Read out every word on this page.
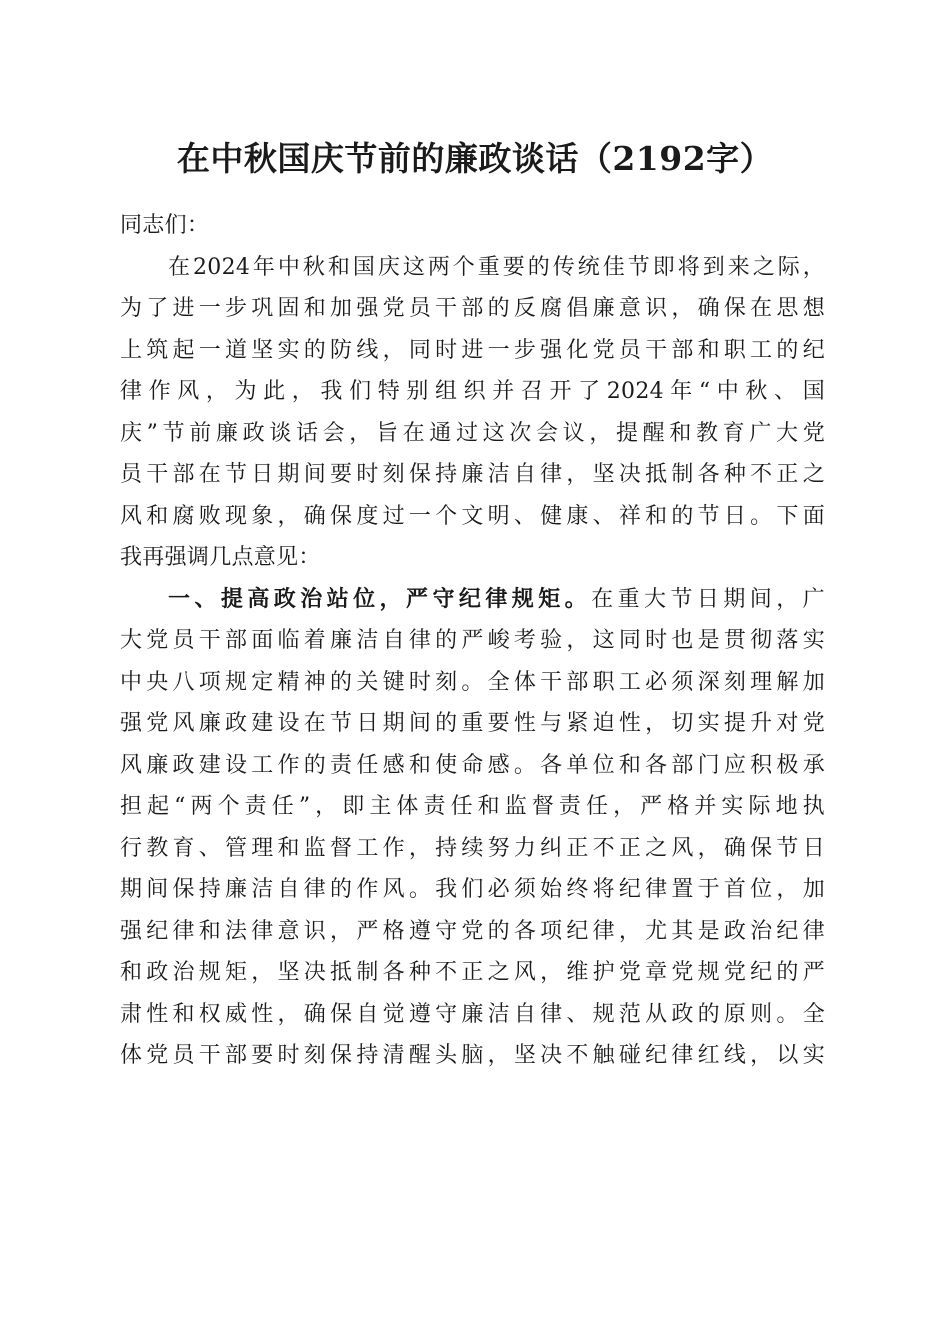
在中秋国庆节前的廉政谈话（2192字）
同志们：
在2024年中秋和国庆这两个重要的传统佳节即将到来之际，
为了进一步巩固和加强党员干部的反腐倡廉意识，确保在思想
上筑起一道坚实的防线，同时进一步强化党员干部和职工的纪
律作风，为此，我们特别组织并召开了2024年“中秋、国
庆”节前廉政谈话会，旨在通过这次会议，提醒和教育广大党
员干部在节日期间要时刻保持廉洁自律，坚决抵制各种不正之
风和腐败现象，确保度过一个文明、健康、祥和的节日。下面
我再强调几点意见：
一、提高政治站位，严守纪律规矩。在重大节日期间，广
大党员干部面临着廉洁自律的严峻考验，这同时也是贯彻落实
中央八项规定精神的关键时刻。全体干部职工必须深刻理解加
强党风廉政建设在节日期间的重要性与紧迫性，切实提升对党
风廉政建设工作的责任感和使命感。各单位和各部门应积极承
担起“两个责任”，即主体责任和监督责任，严格并实际地执
行教育、管理和监督工作，持续努力纠正不正之风，确保节日
期间保持廉洁自律的作风。我们必须始终将纪律置于首位，加
强纪律和法律意识，严格遵守党的各项纪律，尤其是政治纪律
和政治规矩，坚决抵制各种不正之风，维护党章党规党纪的严
肃性和权威性，确保自觉遵守廉洁自律、规范从政的原则。全
体党员干部要时刻保持清醒头脑，坚决不触碰纪律红线，以实
